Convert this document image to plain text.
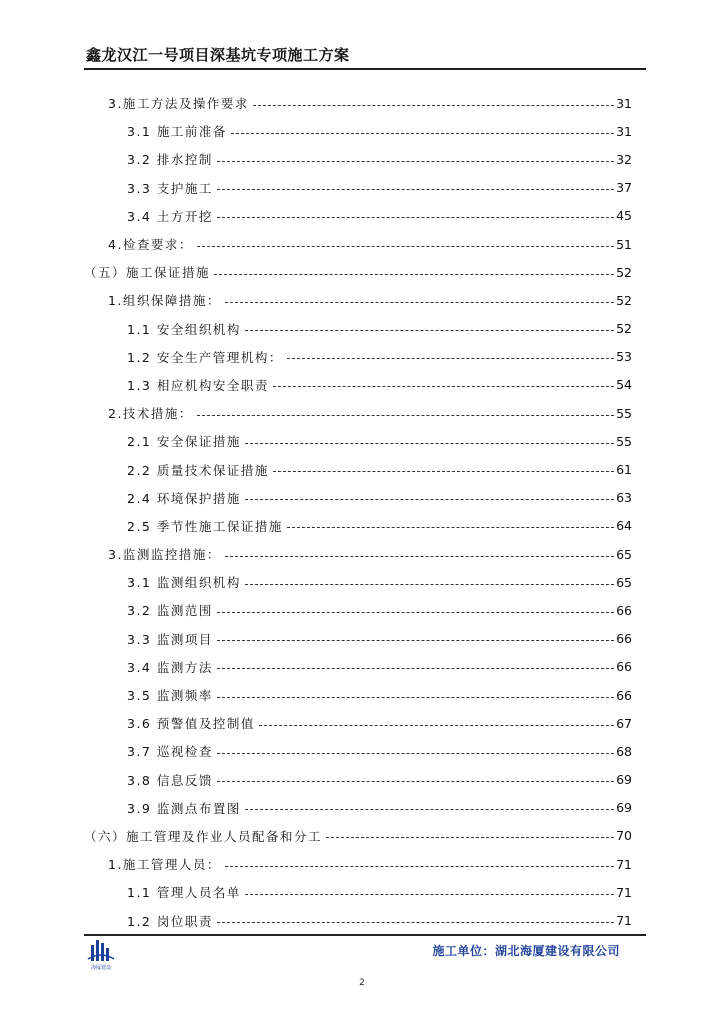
鑫龙汉江一号项目深基坑专项施工方案
3.施工方法及操作要求	31
3.1 施工前准备	31
3.2 排水控制	32
3.3 支护施工	37
3.4 土方开挖	45
4.检查要求：	51
（五）施工保证措施	52
1.组织保障措施：	52
1.1 安全组织机构	52
1.2 安全生产管理机构：	53
1.3 相应机构安全职责	54
2.技术措施：	55
2.1 安全保证措施	55
2.2 质量技术保证措施	61
2.4 环境保护措施	63
2.5 季节性施工保证措施	64
3.监测监控措施：	65
3.1 监测组织机构	65
3.2 监测范围	66
3.3 监测项目	66
3.4 监测方法	66
3.5 监测频率	66
3.6 预警值及控制值	67
3.7 巡视检查	68
3.8 信息反馈	69
3.9 监测点布置图	69
（六）施工管理及作业人员配备和分工	70
1.施工管理人员：	71
1.1 管理人员名单	71
1.2 岗位职责	71
海厦建设
施工单位：湖北海厦建设有限公司
2
